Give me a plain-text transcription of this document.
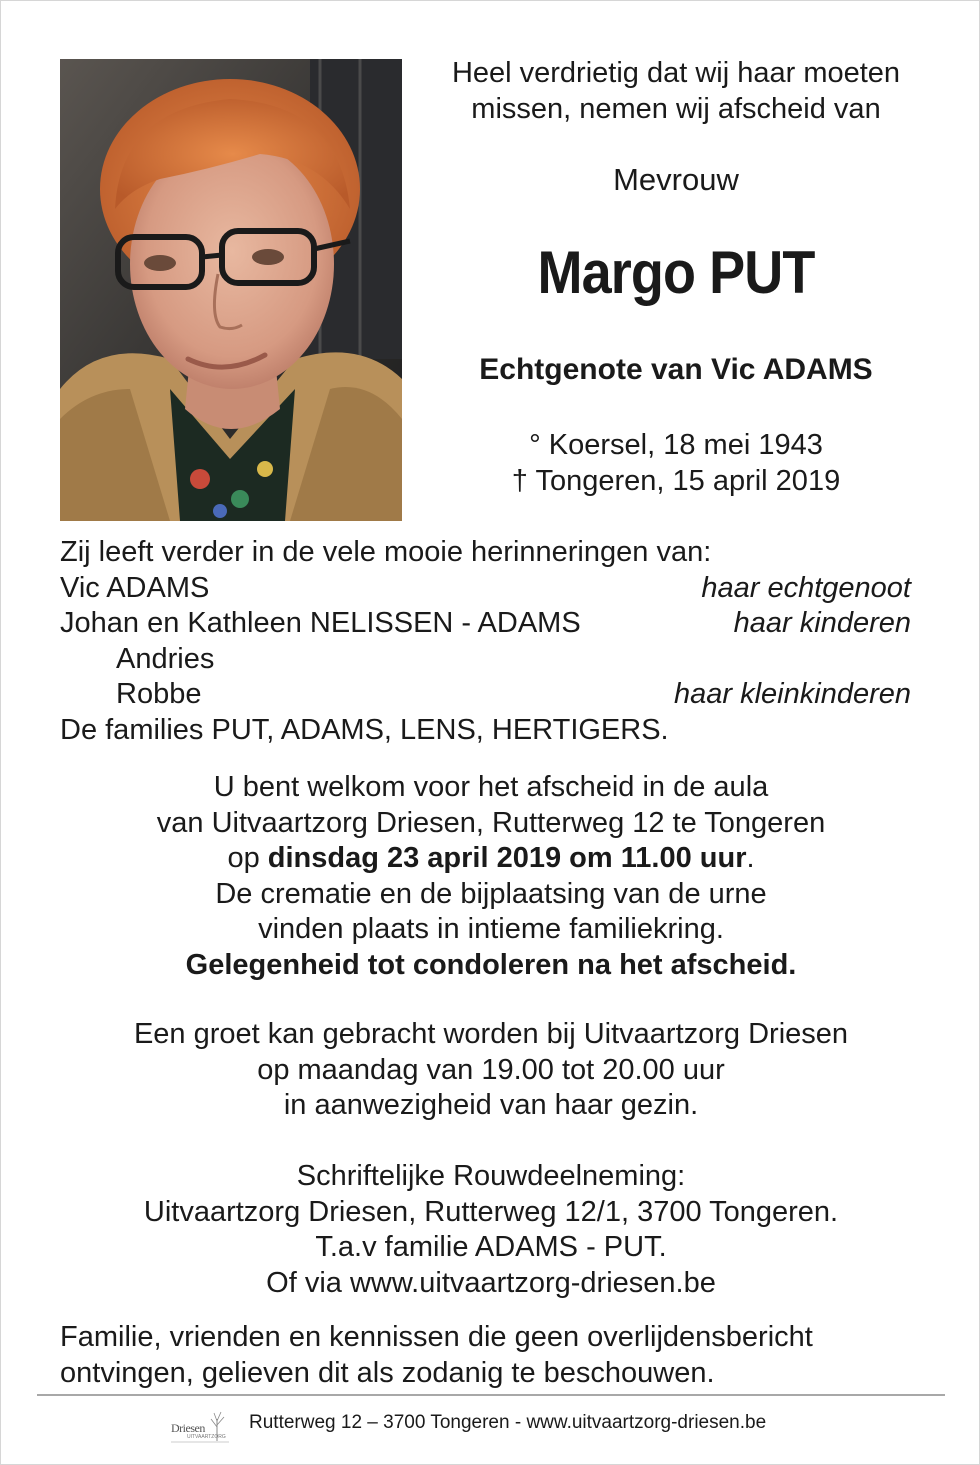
Heel verdrietig dat wij haar moeten
missen, nemen wij afscheid van
Mevrouw
Margo PUT
Echtgenote van Vic ADAMS
° Koersel, 18 mei 1943
† Tongeren, 15 april 2019
Zij leeft verder in de vele mooie herinneringen van:
Vic ADAMS	haar echtgenoot
Johan en Kathleen NELISSEN - ADAMS	haar kinderen
Andries
Robbe	haar kleinkinderen
De families PUT, ADAMS, LENS, HERTIGERS.
U bent welkom voor het afscheid in de aula
van Uitvaartzorg Driesen, Rutterweg 12 te Tongeren
op dinsdag 23 april 2019 om 11.00 uur.
De crematie en de bijplaatsing van de urne
vinden plaats in intieme familiekring.
Gelegenheid tot condoleren na het afscheid.
Een groet kan gebracht worden bij Uitvaartzorg Driesen
op maandag van 19.00 tot 20.00 uur
in aanwezigheid van haar gezin.
Schriftelijke Rouwdeelneming:
Uitvaartzorg Driesen, Rutterweg 12/1, 3700 Tongeren.
T.a.v familie ADAMS - PUT.
Of via www.uitvaartzorg-driesen.be
Familie, vrienden en kennissen die geen overlijdensbericht
ontvingen, gelieven dit als zodanig te beschouwen.
Driesen
UITVAARTZORG
Rutterweg 12 – 3700 Tongeren - www.uitvaartzorg-driesen.be
